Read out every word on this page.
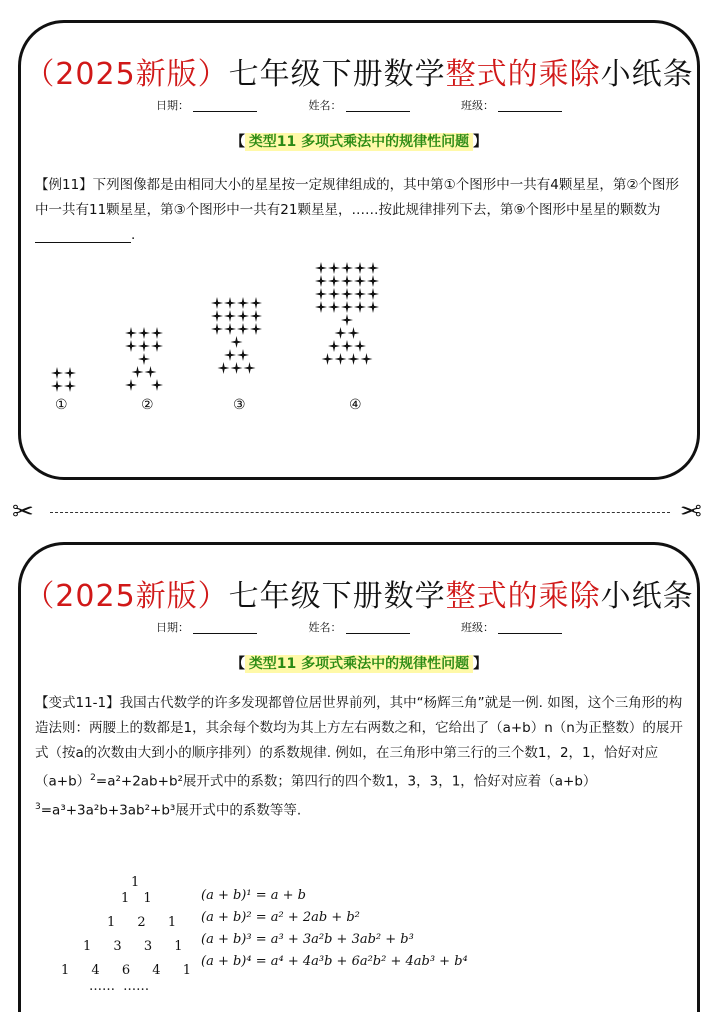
（2025新版）七年级下册数学整式的乘除小纸条
日期：	姓名：	班级：
【 类型11 多项式乘法中的规律性问题 】
【例11】下列图像都是由相同大小的星星按一定规律组成的，其中第①个图形中一共有4颗星星，第②个图形中一共有11颗星星，第③个图形中一共有21颗星星，……按此规律排列下去，第⑨个图形中星星的颗数为.
①	②	③	④
✂	✂
（2025新版）七年级下册数学整式的乘除小纸条
日期：	姓名：	班级：
【 类型11 多项式乘法中的规律性问题 】
【变式11-1】我国古代数学的许多发现都曾位居世界前列，其中“杨辉三角”就是一例. 如图，这个三角形的构造法则：两腰上的数都是1，其余每个数均为其上方左右两数之和，它给出了（a+b）n（n为正整数）的展开式（按a的次数由大到小的顺序排列）的系数规律. 例如，在三角形中第三行的三个数1，2，1，恰好对应$(a+b)^2=a^2+2ab+b^2$展开式中的系数；第四行的四个数1，3，3，1，恰好对应着$(a+b)^3=a^3+3a^2b+3ab^2+b^3$展开式中的系数等等.
1
1 1
1 2 1
1 3 3 1
1 4 6 4 1
…… ……
(a + b)¹ = a + b
(a + b)² = a² + 2ab + b²
(a + b)³ = a³ + 3a²b + 3ab² + b³
(a + b)⁴ = a⁴ + 4a³b + 6a²b² + 4ab³ + b⁴
